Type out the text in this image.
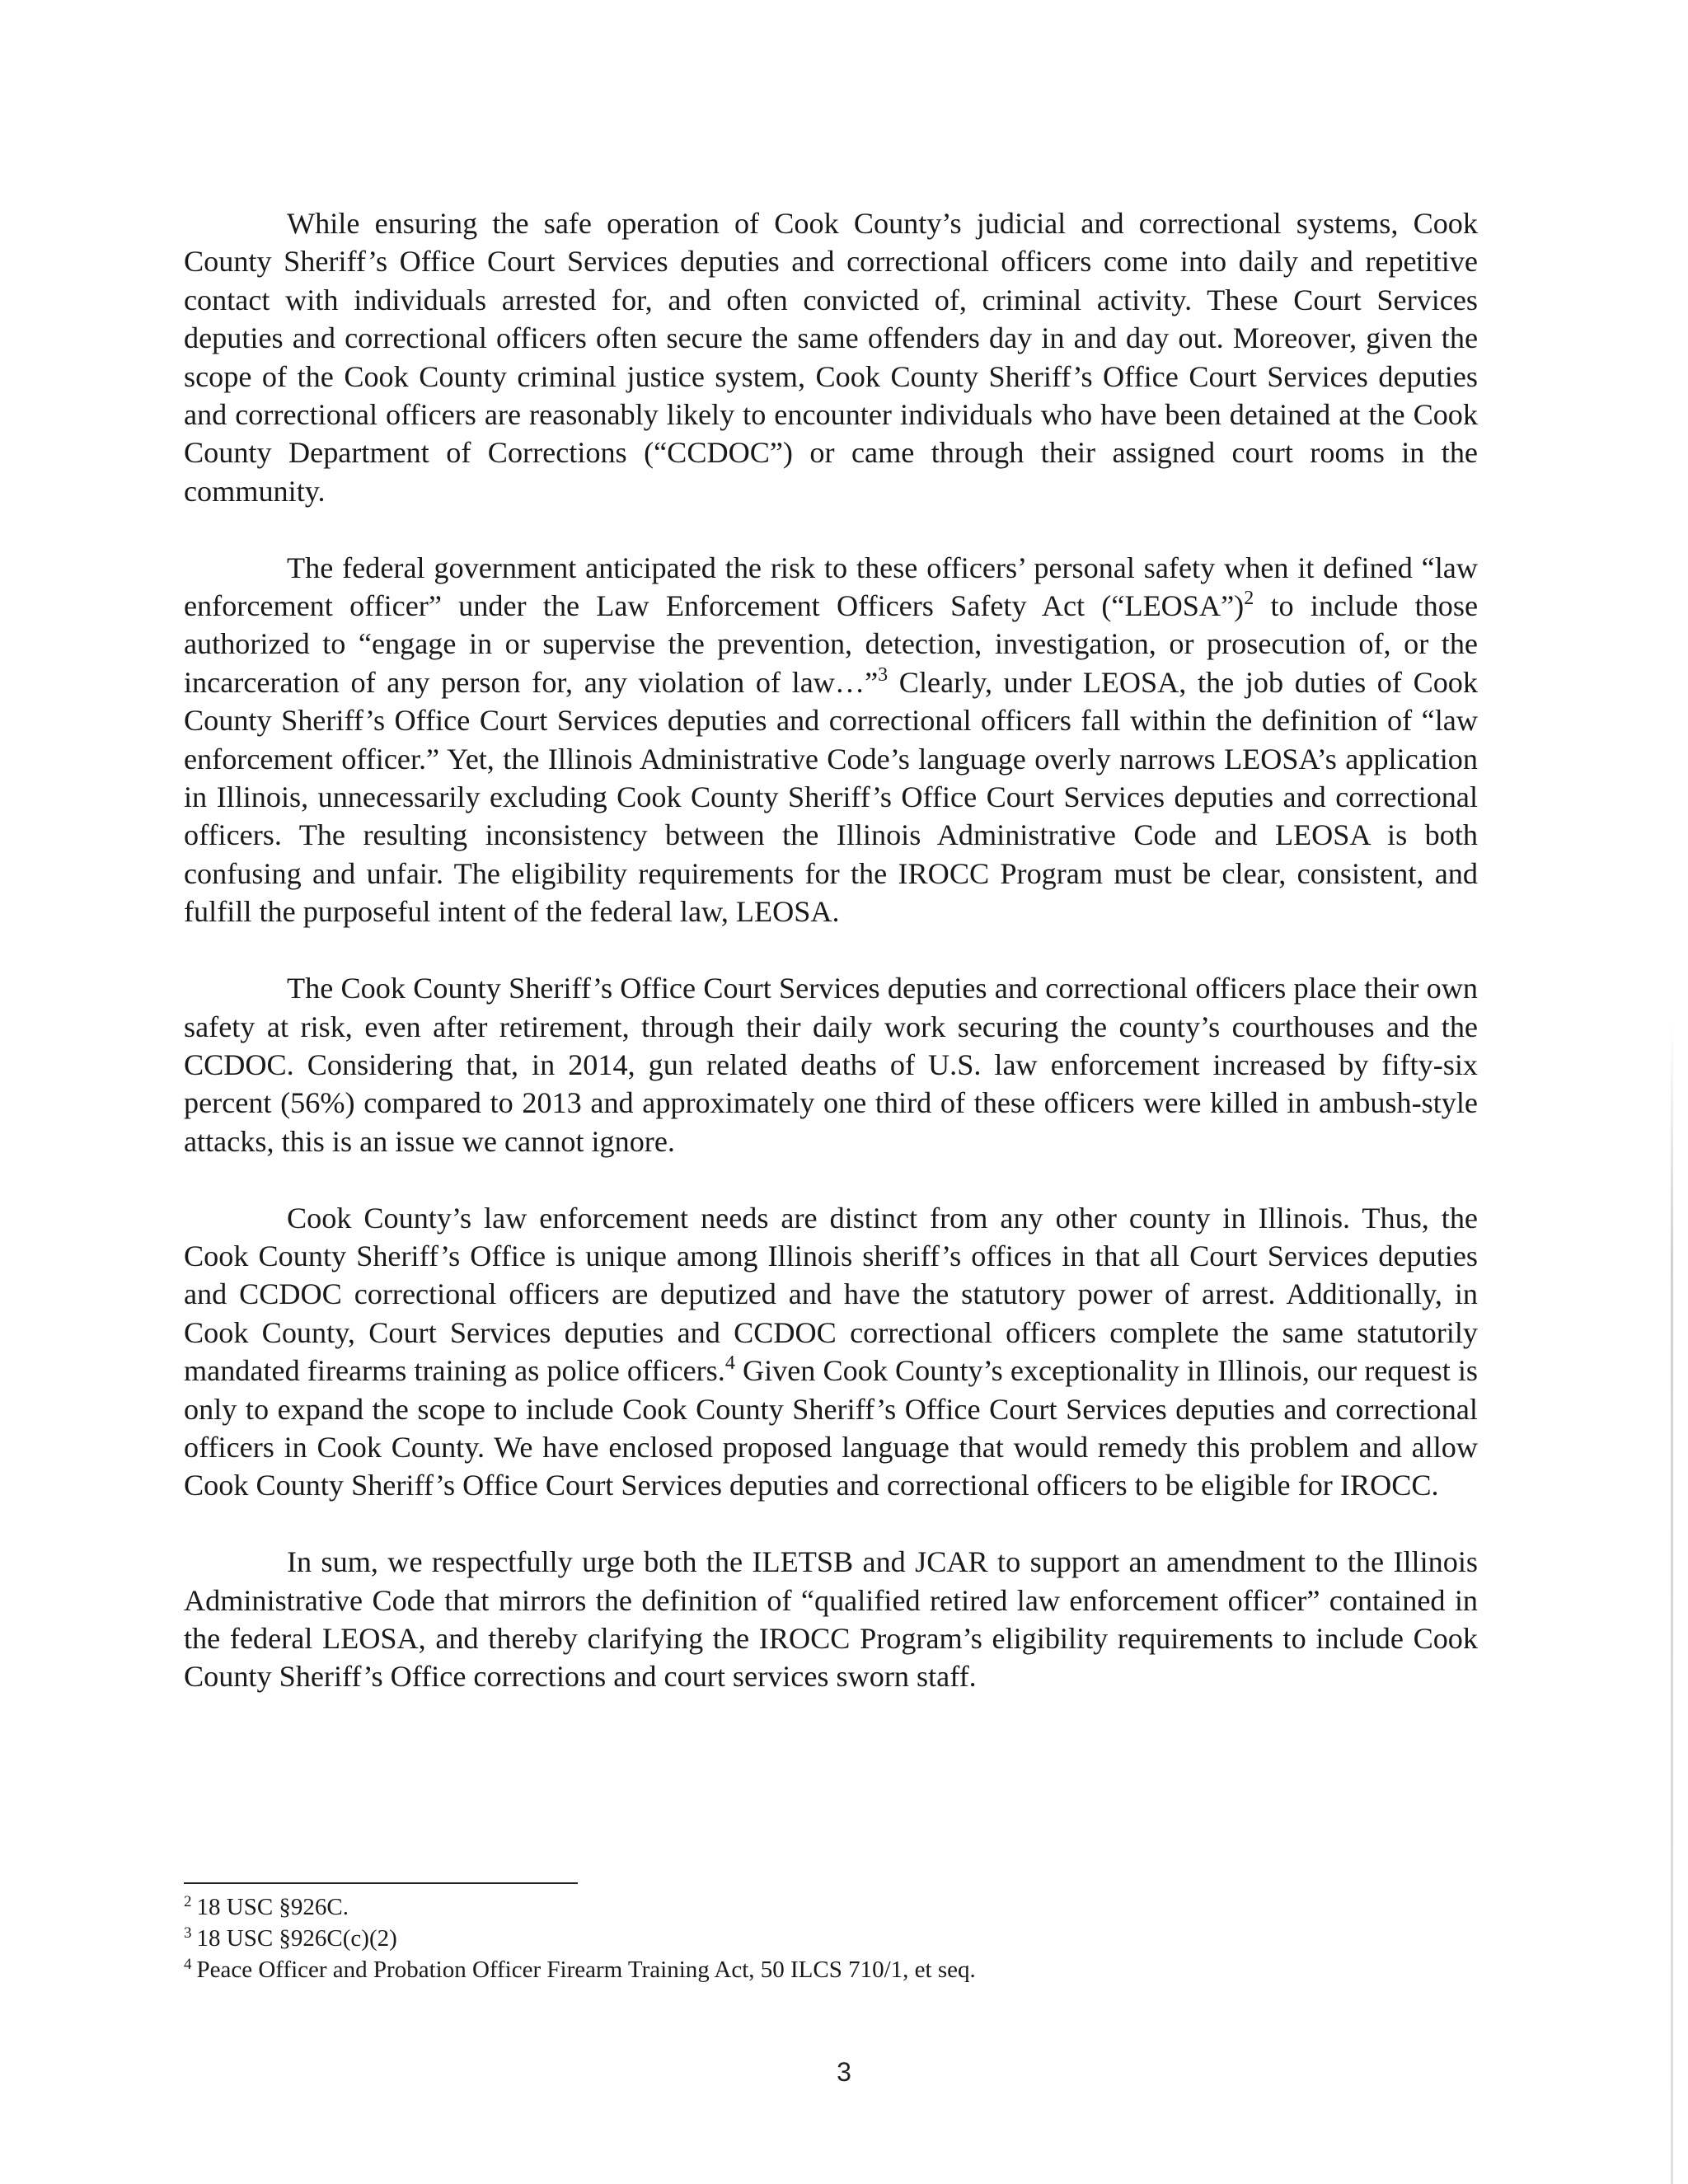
While ensuring the safe operation of Cook County’s judicial and correctional systems, Cook County Sheriff’s Office Court Services deputies and correctional officers come into daily and repetitive contact with individuals arrested for, and often convicted of, criminal activity. These Court Services deputies and correctional officers often secure the same offenders day in and day out. Moreover, given the scope of the Cook County criminal justice system, Cook County Sheriff’s Office Court Services deputies and correctional officers are reasonably likely to encounter individuals who have been detained at the Cook County Department of Corrections (“CCDOC”) or came through their assigned court rooms in the community.

The federal government anticipated the risk to these officers’ personal safety when it defined “law enforcement officer” under the Law Enforcement Officers Safety Act (“LEOSA”)$^2$ to include those authorized to “engage in or supervise the prevention, detection, investigation, or prosecution of, or the incarceration of any person for, any violation of law…”$^3$ Clearly, under LEOSA, the job duties of Cook County Sheriff’s Office Court Services deputies and correctional officers fall within the definition of “law enforcement officer.” Yet, the Illinois Administrative Code’s language overly narrows LEOSA’s application in Illinois, unnecessarily excluding Cook County Sheriff’s Office Court Services deputies and correctional officers. The resulting inconsistency between the Illinois Administrative Code and LEOSA is both confusing and unfair. The eligibility requirements for the IROCC Program must be clear, consistent, and fulfill the purposeful intent of the federal law, LEOSA.

The Cook County Sheriff’s Office Court Services deputies and correctional officers place their own safety at risk, even after retirement, through their daily work securing the county’s courthouses and the CCDOC. Considering that, in 2014, gun related deaths of U.S. law enforcement increased by fifty-six percent (56%) compared to 2013 and approximately one third of these officers were killed in ambush-style attacks, this is an issue we cannot ignore.

Cook County’s law enforcement needs are distinct from any other county in Illinois. Thus, the Cook County Sheriff’s Office is unique among Illinois sheriff’s offices in that all Court Services deputies and CCDOC correctional officers are deputized and have the statutory power of arrest. Additionally, in Cook County, Court Services deputies and CCDOC correctional officers complete the same statutorily mandated firearms training as police officers.$^4$ Given Cook County’s exceptionality in Illinois, our request is only to expand the scope to include Cook County Sheriff’s Office Court Services deputies and correctional officers in Cook County. We have enclosed proposed language that would remedy this problem and allow Cook County Sheriff’s Office Court Services deputies and correctional officers to be eligible for IROCC.

In sum, we respectfully urge both the ILETSB and JCAR to support an amendment to the Illinois Administrative Code that mirrors the definition of “qualified retired law enforcement officer” contained in the federal LEOSA, and thereby clarifying the IROCC Program’s eligibility requirements to include Cook County Sheriff’s Office corrections and court services sworn staff.

$^2$ 18 USC §926C.
$^3$ 18 USC §926C(c)(2)
$^4$ Peace Officer and Probation Officer Firearm Training Act, 50 ILCS 710/1, et seq.
3
